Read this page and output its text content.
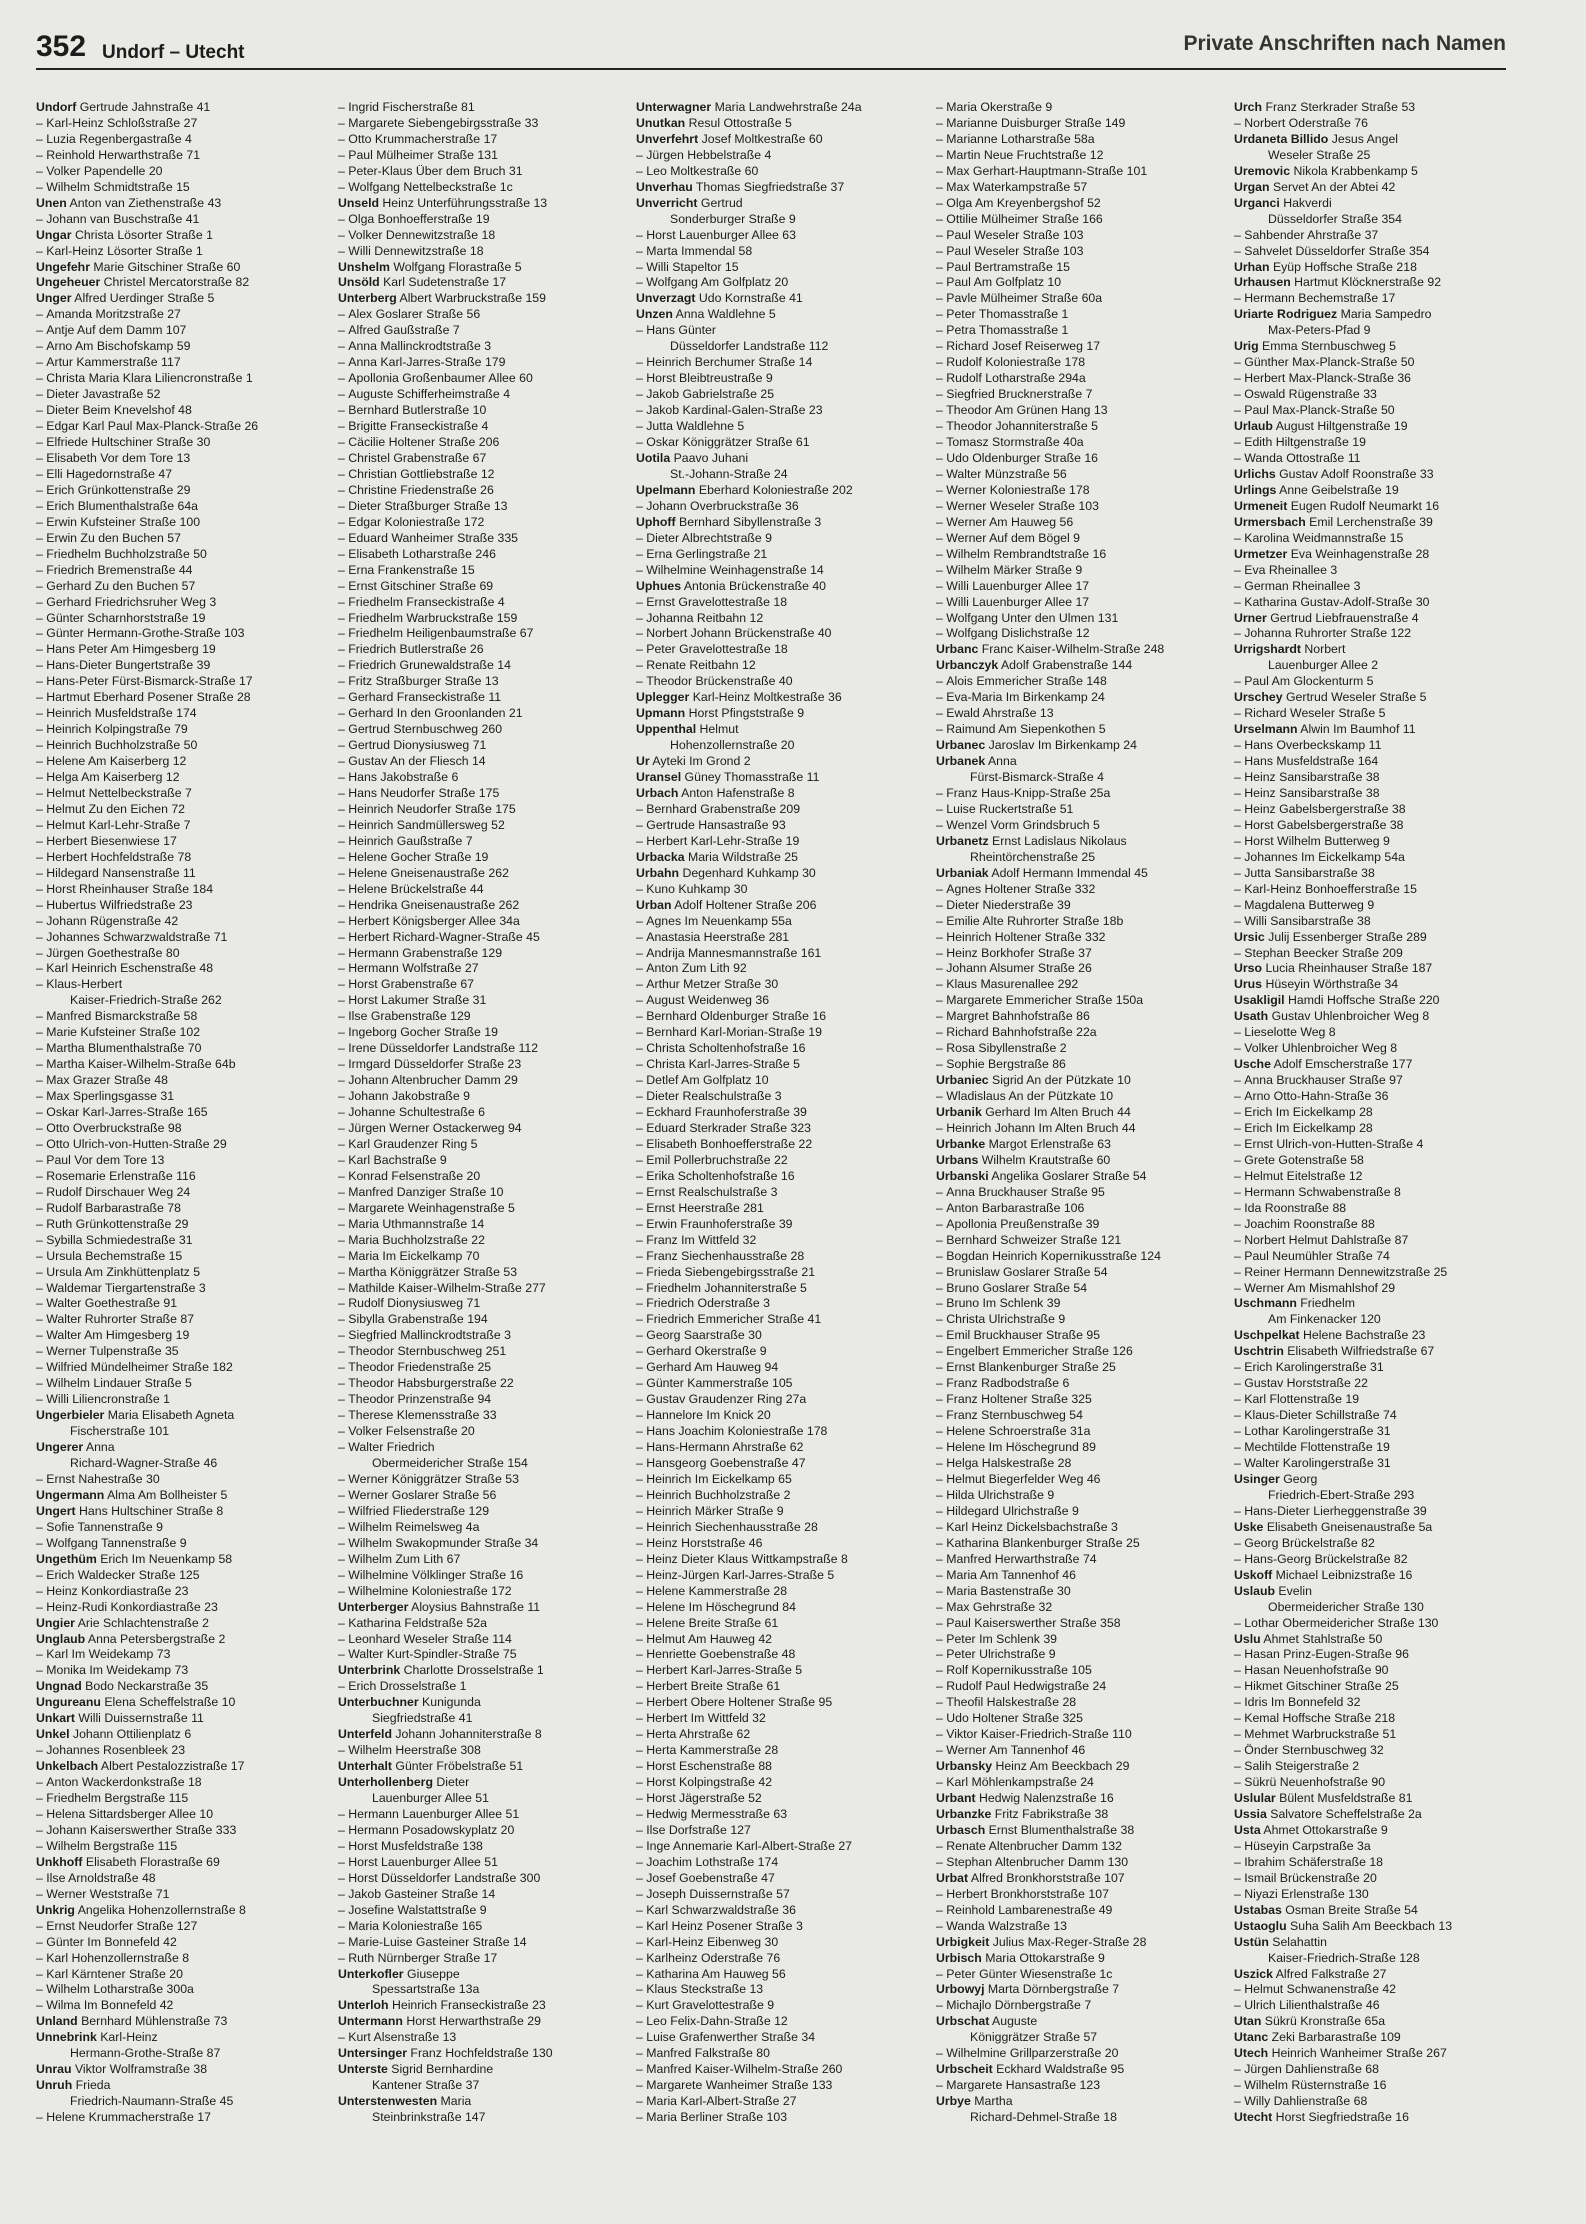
352 Undorf – Utecht	Private Anschriften nach Namen
Undorf Gertrude Jahnstraße 41
– Karl-Heinz Schloßstraße 27
– Luzia Regenbergastraße 4
– Reinhold Herwarthstraße 71
– Volker Papendelle 20
– Wilhelm Schmidtstraße 15
Unen Anton van Ziethenstraße 43
– Johann van Buschstraße 41
Ungar Christa Lösorter Straße 1
– Karl-Heinz Lösorter Straße 1
Ungefehr Marie Gitschiner Straße 60
Ungeheuer Christel Mercatorstraße 82
Unger Alfred Uerdinger Straße 5
– Amanda Moritzstraße 27
– Antje Auf dem Damm 107
– Arno Am Bischofskamp 59
– Artur Kammerstraße 117
– Christa Maria Klara Liliencronstraße 1
– Dieter Javastraße 52
– Dieter Beim Knevelshof 48
– Edgar Karl Paul Max-Planck-Straße 26
– Elfriede Hultschiner Straße 30
– Elisabeth Vor dem Tore 13
– Elli Hagedornstraße 47
– Erich Grünkottenstraße 29
– Erich Blumenthalstraße 64a
– Erwin Kufsteiner Straße 100
– Erwin Zu den Buchen 57
– Friedhelm Buchholzstraße 50
– Friedrich Bremenstraße 44
– Gerhard Zu den Buchen 57
– Gerhard Friedrichsruher Weg 3
– Günter Scharnhorststraße 19
– Günter Hermann-Grothe-Straße 103
– Hans Peter Am Himgesberg 19
– Hans-Dieter Bungertstraße 39
– Hans-Peter Fürst-Bismarck-Straße 17
– Hartmut Eberhard Posener Straße 28
– Heinrich Musfeldstraße 174
– Heinrich Kolpingstraße 79
– Heinrich Buchholzstraße 50
– Helene Am Kaiserberg 12
– Helga Am Kaiserberg 12
– Helmut Nettelbeckstraße 7
– Helmut Zu den Eichen 72
– Helmut Karl-Lehr-Straße 7
– Herbert Biesenwiese 17
– Herbert Hochfeldstraße 78
– Hildegard Nansenstraße 11
– Horst Rheinhauser Straße 184
– Hubertus Wilfriedstraße 23
– Johann Rügenstraße 42
– Johannes Schwarzwaldstraße 71
– Jürgen Goethestraße 80
– Karl Heinrich Eschenstraße 48
– Klaus-Herbert
Kaiser-Friedrich-Straße 262
– Manfred Bismarckstraße 58
– Marie Kufsteiner Straße 102
– Martha Blumenthalstraße 70
– Martha Kaiser-Wilhelm-Straße 64b
– Max Grazer Straße 48
– Max Sperlingsgasse 31
– Oskar Karl-Jarres-Straße 165
– Otto Overbruckstraße 98
– Otto Ulrich-von-Hutten-Straße 29
– Paul Vor dem Tore 13
– Rosemarie Erlenstraße 116
– Rudolf Dirschauer Weg 24
– Rudolf Barbarastraße 78
– Ruth Grünkottenstraße 29
– Sybilla Schmiedestraße 31
– Ursula Bechemstraße 15
– Ursula Am Zinkhüttenplatz 5
– Waldemar Tiergartenstraße 3
– Walter Goethestraße 91
– Walter Ruhrorter Straße 87
– Walter Am Himgesberg 19
– Werner Tulpenstraße 35
– Wilfried Mündelheimer Straße 182
– Wilhelm Lindauer Straße 5
– Willi Liliencronstraße 1
Ungerbieler Maria Elisabeth Agneta
Fischerstraße 101
Ungerer Anna
Richard-Wagner-Straße 46
– Ernst Nahestraße 30
Ungermann Alma Am Bollheister 5
Ungert Hans Hultschiner Straße 8
– Sofie Tannenstraße 9
– Wolfgang Tannenstraße 9
Ungethüm Erich Im Neuenkamp 58
– Erich Waldecker Straße 125
– Heinz Konkordiastraße 23
– Heinz-Rudi Konkordiastraße 23
Ungier Arie Schlachtenstraße 2
Unglaub Anna Petersbergstraße 2
– Karl Im Weidekamp 73
– Monika Im Weidekamp 73
Ungnad Bodo Neckarstraße 35
Ungureanu Elena Scheffelstraße 10
Unkart Willi Duissernstraße 11
Unkel Johann Ottilienplatz 6
– Johannes Rosenbleek 23
Unkelbach Albert Pestalozzistraße 17
– Anton Wackerdonkstraße 18
– Friedhelm Bergstraße 115
– Helena Sittardsberger Allee 10
– Johann Kaiserswerther Straße 333
– Wilhelm Bergstraße 115
Unkhoff Elisabeth Florastraße 69
– Ilse Arnoldstraße 48
– Werner Weststraße 71
Unkrig Angelika Hohenzollernstraße 8
– Ernst Neudorfer Straße 127
– Günter Im Bonnefeld 42
– Karl Hohenzollernstraße 8
– Karl Kärntener Straße 20
– Wilhelm Lotharstraße 300a
– Wilma Im Bonnefeld 42
Unland Bernhard Mühlenstraße 73
Unnebrink Karl-Heinz
Hermann-Grothe-Straße 87
Unrau Viktor Wolframstraße 38
Unruh Frieda
Friedrich-Naumann-Straße 45
– Helene Krummacherstraße 17
– Ingrid Fischerstraße 81
– Margarete Siebengebirgsstraße 33
– Otto Krummacherstraße 17
– Paul Mülheimer Straße 131
– Peter-Klaus Über dem Bruch 31
– Wolfgang Nettelbeckstraße 1c
Unseld Heinz Unterführungsstraße 13
– Olga Bonhoefferstraße 19
– Volker Dennewitzstraße 18
– Willi Dennewitzstraße 18
Unshelm Wolfgang Florastraße 5
Unsöld Karl Sudetenstraße 17
Unterberg Albert Warbruckstraße 159
– Alex Goslarer Straße 56
– Alfred Gaußstraße 7
– Anna Mallinckrodtstraße 3
– Anna Karl-Jarres-Straße 179
– Apollonia Großenbaumer Allee 60
– Auguste Schifferheimstraße 4
– Bernhard Butlerstraße 10
– Brigitte Franseckistraße 4
– Cäcilie Holtener Straße 206
– Christel Grabenstraße 67
– Christian Gottliebstraße 12
– Christine Friedenstraße 26
– Dieter Straßburger Straße 13
– Edgar Koloniestraße 172
– Eduard Wanheimer Straße 335
– Elisabeth Lotharstraße 246
– Erna Frankenstraße 15
– Ernst Gitschiner Straße 69
– Friedhelm Franseckistraße 4
– Friedhelm Warbruckstraße 159
– Friedhelm Heiligenbaumstraße 67
– Friedrich Butlerstraße 26
– Friedrich Grunewaldstraße 14
– Fritz Straßburger Straße 13
– Gerhard Franseckistraße 11
– Gerhard In den Groonlanden 21
– Gertrud Sternbuschweg 260
– Gertrud Dionysiusweg 71
– Gustav An der Fliesch 14
– Hans Jakobstraße 6
– Hans Neudorfer Straße 175
– Heinrich Neudorfer Straße 175
– Heinrich Sandmüllersweg 52
– Heinrich Gaußstraße 7
– Helene Gocher Straße 19
– Helene Gneisenaustraße 262
– Helene Brückelstraße 44
– Hendrika Gneisenaustraße 262
– Herbert Königsberger Allee 34a
– Herbert Richard-Wagner-Straße 45
– Hermann Grabenstraße 129
– Hermann Wolfstraße 27
– Horst Grabenstraße 67
– Horst Lakumer Straße 31
– Ilse Grabenstraße 129
– Ingeborg Gocher Straße 19
– Irene Düsseldorfer Landstraße 112
– Irmgard Düsseldorfer Straße 23
– Johann Altenbrucher Damm 29
– Johann Jakobstraße 9
– Johanne Schultestraße 6
– Jürgen Werner Ostackerweg 94
– Karl Graudenzer Ring 5
– Karl Bachstraße 9
– Konrad Felsenstraße 20
– Manfred Danziger Straße 10
– Margarete Weinhagenstraße 5
– Maria Uthmannstraße 14
– Maria Buchholzstraße 22
– Maria Im Eickelkamp 70
– Martha Königgrätzer Straße 53
– Mathilde Kaiser-Wilhelm-Straße 277
– Rudolf Dionysiusweg 71
– Sibylla Grabenstraße 194
– Siegfried Mallinckrodtstraße 3
– Theodor Sternbuschweg 251
– Theodor Friedenstraße 25
– Theodor Habsburgerstraße 22
– Theodor Prinzenstraße 94
– Therese Klemensstraße 33
– Volker Felsenstraße 20
– Walter Friedrich
Obermeidericher Straße 154
– Werner Königgrätzer Straße 53
– Werner Goslarer Straße 56
– Wilfried Fliederstraße 129
– Wilhelm Reimelsweg 4a
– Wilhelm Swakopmunder Straße 34
– Wilhelm Zum Lith 67
– Wilhelmine Völklinger Straße 16
– Wilhelmine Koloniestraße 172
Unterberger Aloysius Bahnstraße 11
– Katharina Feldstraße 52a
– Leonhard Weseler Straße 114
– Walter Kurt-Spindler-Straße 75
Unterbrink Charlotte Drosselstraße 1
– Erich Drosselstraße 1
Unterbuchner Kunigunda
Siegfriedstraße 41
Unterfeld Johann Johanniterstraße 8
– Wilhelm Heerstraße 308
Unterhalt Günter Fröbelstraße 51
Unterhollenberg Dieter
Lauenburger Allee 51
– Hermann Lauenburger Allee 51
– Hermann Posadowskyplatz 20
– Horst Musfeldstraße 138
– Horst Lauenburger Allee 51
– Horst Düsseldorfer Landstraße 300
– Jakob Gasteiner Straße 14
– Josefine Walstattstraße 9
– Maria Koloniestraße 165
– Marie-Luise Gasteiner Straße 14
– Ruth Nürnberger Straße 17
Unterkofler Giuseppe
Spessartstraße 13a
Unterloh Heinrich Franseckistraße 23
Untermann Horst Herwarthstraße 29
– Kurt Alsenstraße 13
Untersinger Franz Hochfeldstraße 130
Unterste Sigrid Bernhardine
Kantener Straße 37
Unterstenwesten Maria
Steinbrinkstraße 147
Unterwagner Maria Landwehrstraße 24a
Unutkan Resul Ottostraße 5
Unverfehrt Josef Moltkestraße 60
– Jürgen Hebbelstraße 4
– Leo Moltkestraße 60
Unverhau Thomas Siegfriedstraße 37
Unverricht Gertrud
Sonderburger Straße 9
– Horst Lauenburger Allee 63
– Marta Immendal 58
– Willi Stapeltor 15
– Wolfgang Am Golfplatz 20
Unverzagt Udo Kornstraße 41
Unzen Anna Waldlehne 5
– Hans Günter
Düsseldorfer Landstraße 112
– Heinrich Berchumer Straße 14
– Horst Bleibtreustraße 9
– Jakob Gabrielstraße 25
– Jakob Kardinal-Galen-Straße 23
– Jutta Waldlehne 5
– Oskar Königgrätzer Straße 61
Uotila Paavo Juhani
St.-Johann-Straße 24
Upelmann Eberhard Koloniestraße 202
– Johann Overbruckstraße 36
Uphoff Bernhard Sibyllenstraße 3
– Dieter Albrechtstraße 9
– Erna Gerlingstraße 21
– Wilhelmine Weinhagenstraße 14
Uphues Antonia Brückenstraße 40
– Ernst Gravelottestraße 18
– Johanna Reitbahn 12
– Norbert Johann Brückenstraße 40
– Peter Gravelottestraße 18
– Renate Reitbahn 12
– Theodor Brückenstraße 40
Uplegger Karl-Heinz Moltkestraße 36
Upmann Horst Pfingststraße 9
Uppenthal Helmut
Hohenzollernstraße 20
Ur Ayteki Im Grond 2
Uransel Güney Thomasstraße 11
Urbach Anton Hafenstraße 8
– Bernhard Grabenstraße 209
– Gertrude Hansastraße 93
– Herbert Karl-Lehr-Straße 19
Urbacka Maria Wildstraße 25
Urbahn Degenhard Kuhkamp 30
– Kuno Kuhkamp 30
Urban Adolf Holtener Straße 206
– Agnes Im Neuenkamp 55a
– Anastasia Heerstraße 281
– Andrija Mannesmannstraße 161
– Anton Zum Lith 92
– Arthur Metzer Straße 30
– August Weidenweg 36
– Bernhard Oldenburger Straße 16
– Bernhard Karl-Morian-Straße 19
– Christa Scholtenhofstraße 16
– Christa Karl-Jarres-Straße 5
– Detlef Am Golfplatz 10
– Dieter Realschulstraße 3
– Eckhard Fraunhoferstraße 39
– Eduard Sterkrader Straße 323
– Elisabeth Bonhoefferstraße 22
– Emil Pollerbruchstraße 22
– Erika Scholtenhofstraße 16
– Ernst Realschulstraße 3
– Ernst Heerstraße 281
– Erwin Fraunhoferstraße 39
– Franz Im Wittfeld 32
– Franz Siechenhausstraße 28
– Frieda Siebengebirgsstraße 21
– Friedhelm Johanniterstraße 5
– Friedrich Oderstraße 3
– Friedrich Emmericher Straße 41
– Georg Saarstraße 30
– Gerhard Okerstraße 9
– Gerhard Am Hauweg 94
– Günter Kammerstraße 105
– Gustav Graudenzer Ring 27a
– Hannelore Im Knick 20
– Hans Joachim Koloniestraße 178
– Hans-Hermann Ahrstraße 62
– Hansgeorg Goebenstraße 47
– Heinrich Im Eickelkamp 65
– Heinrich Buchholzstraße 2
– Heinrich Märker Straße 9
– Heinrich Siechenhausstraße 28
– Heinz Horststraße 46
– Heinz Dieter Klaus Wittkampstraße 8
– Heinz-Jürgen Karl-Jarres-Straße 5
– Helene Kammerstraße 28
– Helene Im Höschegrund 84
– Helene Breite Straße 61
– Helmut Am Hauweg 42
– Henriette Goebenstraße 48
– Herbert Karl-Jarres-Straße 5
– Herbert Breite Straße 61
– Herbert Obere Holtener Straße 95
– Herbert Im Wittfeld 32
– Herta Ahrstraße 62
– Herta Kammerstraße 28
– Horst Eschenstraße 88
– Horst Kolpingstraße 42
– Horst Jägerstraße 52
– Hedwig Mermesstraße 63
– Ilse Dorfstraße 127
– Inge Annemarie Karl-Albert-Straße 27
– Joachim Lothstraße 174
– Josef Goebenstraße 47
– Joseph Duissernstraße 57
– Karl Schwarzwaldstraße 36
– Karl Heinz Posener Straße 3
– Karl-Heinz Eibenweg 30
– Karlheinz Oderstraße 76
– Katharina Am Hauweg 56
– Klaus Steckstraße 13
– Kurt Gravelottestraße 9
– Leo Felix-Dahn-Straße 12
– Luise Grafenwerther Straße 34
– Manfred Falkstraße 80
– Manfred Kaiser-Wilhelm-Straße 260
– Margarete Wanheimer Straße 133
– Maria Karl-Albert-Straße 27
– Maria Berliner Straße 103
– Maria Okerstraße 9
– Marianne Duisburger Straße 149
– Marianne Lotharstraße 58a
– Martin Neue Fruchtstraße 12
– Max Gerhart-Hauptmann-Straße 101
– Max Waterkampstraße 57
– Olga Am Kreyenbergshof 52
– Ottilie Mülheimer Straße 166
– Paul Weseler Straße 103
– Paul Weseler Straße 103
– Paul Bertramstraße 15
– Paul Am Golfplatz 10
– Pavle Mülheimer Straße 60a
– Peter Thomasstraße 1
– Petra Thomasstraße 1
– Richard Josef Reiserweg 17
– Rudolf Koloniestraße 178
– Rudolf Lotharstraße 294a
– Siegfried Brucknerstraße 7
– Theodor Am Grünen Hang 13
– Theodor Johanniterstraße 5
– Tomasz Stormstraße 40a
– Udo Oldenburger Straße 16
– Walter Münzstraße 56
– Werner Koloniestraße 178
– Werner Weseler Straße 103
– Werner Am Hauweg 56
– Werner Auf dem Bögel 9
– Wilhelm Rembrandtstraße 16
– Wilhelm Märker Straße 9
– Willi Lauenburger Allee 17
– Willi Lauenburger Allee 17
– Wolfgang Unter den Ulmen 131
– Wolfgang Dislichstraße 12
Urbanc Franc Kaiser-Wilhelm-Straße 248
Urbanczyk Adolf Grabenstraße 144
– Alois Emmericher Straße 148
– Eva-Maria Im Birkenkamp 24
– Ewald Ahrstraße 13
– Raimund Am Siepenkothen 5
Urbanec Jaroslav Im Birkenkamp 24
Urbanek Anna
Fürst-Bismarck-Straße 4
– Franz Haus-Knipp-Straße 25a
– Luise Ruckertstraße 51
– Wenzel Vorm Grindsbruch 5
Urbanetz Ernst Ladislaus Nikolaus
Rheintörchenstraße 25
Urbaniak Adolf Hermann Immendal 45
– Agnes Holtener Straße 332
– Dieter Niederstraße 39
– Emilie Alte Ruhrorter Straße 18b
– Heinrich Holtener Straße 332
– Heinz Borkhofer Straße 37
– Johann Alsumer Straße 26
– Klaus Masurenallee 292
– Margarete Emmericher Straße 150a
– Margret Bahnhofstraße 86
– Richard Bahnhofstraße 22a
– Rosa Sibyllenstraße 2
– Sophie Bergstraße 86
Urbaniec Sigrid An der Pützkate 10
– Wladislaus An der Pützkate 10
Urbanik Gerhard Im Alten Bruch 44
– Heinrich Johann Im Alten Bruch 44
Urbanke Margot Erlenstraße 63
Urbans Wilhelm Krautstraße 60
Urbanski Angelika Goslarer Straße 54
– Anna Bruckhauser Straße 95
– Anton Barbarastraße 106
– Apollonia Preußenstraße 39
– Bernhard Schweizer Straße 121
– Bogdan Heinrich Kopernikusstraße 124
– Brunislaw Goslarer Straße 54
– Bruno Goslarer Straße 54
– Bruno Im Schlenk 39
– Christa Ulrichstraße 9
– Emil Bruckhauser Straße 95
– Engelbert Emmericher Straße 126
– Ernst Blankenburger Straße 25
– Franz Radbodstraße 6
– Franz Holtener Straße 325
– Franz Sternbuschweg 54
– Helene Schroerstraße 31a
– Helene Im Höschegrund 89
– Helga Halskestraße 28
– Helmut Biegerfelder Weg 46
– Hilda Ulrichstraße 9
– Hildegard Ulrichstraße 9
– Karl Heinz Dickelsbachstraße 3
– Katharina Blankenburger Straße 25
– Manfred Herwarthstraße 74
– Maria Am Tannenhof 46
– Maria Bastenstraße 30
– Max Gehrstraße 32
– Paul Kaiserswerther Straße 358
– Peter Im Schlenk 39
– Peter Ulrichstraße 9
– Rolf Kopernikusstraße 105
– Rudolf Paul Hedwigstraße 24
– Theofil Halskestraße 28
– Udo Holtener Straße 325
– Viktor Kaiser-Friedrich-Straße 110
– Werner Am Tannenhof 46
Urbansky Heinz Am Beeckbach 29
– Karl Möhlenkampstraße 24
Urbant Hedwig Nalenzstraße 16
Urbanzke Fritz Fabrikstraße 38
Urbasch Ernst Blumenthalstraße 38
– Renate Altenbrucher Damm 132
– Stephan Altenbrucher Damm 130
Urbat Alfred Bronkhorststraße 107
– Herbert Bronkhorststraße 107
– Reinhold Lambarenestraße 49
– Wanda Walzstraße 13
Urbigkeit Julius Max-Reger-Straße 28
Urbisch Maria Ottokarstraße 9
– Peter Günter Wiesenstraße 1c
Urbowyj Marta Dörnbergstraße 7
– Michajlo Dörnbergstraße 7
Urbschat Auguste
Königgrätzer Straße 57
– Wilhelmine Grillparzerstraße 20
Urbscheit Eckhard Waldstraße 95
– Margarete Hansastraße 123
Urbye Martha
Richard-Dehmel-Straße 18
Urch Franz Sterkrader Straße 53
– Norbert Oderstraße 76
Urdaneta Billido Jesus Angel
Weseler Straße 25
Uremovic Nikola Krabbenkamp 5
Urgan Servet An der Abtei 42
Urganci Hakverdi
Düsseldorfer Straße 354
– Sahbender Ahrstraße 37
– Sahvelet Düsseldorfer Straße 354
Urhan Eyüp Hoffsche Straße 218
Urhausen Hartmut Klöcknerstraße 92
– Hermann Bechemstraße 17
Uriarte Rodriguez Maria Sampedro
Max-Peters-Pfad 9
Urig Emma Sternbuschweg 5
– Günther Max-Planck-Straße 50
– Herbert Max-Planck-Straße 36
– Oswald Rügenstraße 33
– Paul Max-Planck-Straße 50
Urlaub August Hiltgenstraße 19
– Edith Hiltgenstraße 19
– Wanda Ottostraße 11
Urlichs Gustav Adolf Roonstraße 33
Urlings Anne Geibelstraße 19
Urmeneit Eugen Rudolf Neumarkt 16
Urmersbach Emil Lerchenstraße 39
– Karolina Weidmannstraße 15
Urmetzer Eva Weinhagenstraße 28
– Eva Rheinallee 3
– German Rheinallee 3
– Katharina Gustav-Adolf-Straße 30
Urner Gertrud Liebfrauenstraße 4
– Johanna Ruhrorter Straße 122
Urrigshardt Norbert
Lauenburger Allee 2
– Paul Am Glockenturm 5
Urschey Gertrud Weseler Straße 5
– Richard Weseler Straße 5
Urselmann Alwin Im Baumhof 11
– Hans Overbeckskamp 11
– Hans Musfeldstraße 164
– Heinz Sansibarstraße 38
– Heinz Sansibarstraße 38
– Heinz Gabelsbergerstraße 38
– Horst Gabelsbergerstraße 38
– Horst Wilhelm Butterweg 9
– Johannes Im Eickelkamp 54a
– Jutta Sansibarstraße 38
– Karl-Heinz Bonhoefferstraße 15
– Magdalena Butterweg 9
– Willi Sansibarstraße 38
Ursic Julij Essenberger Straße 289
– Stephan Beecker Straße 209
Urso Lucia Rheinhauser Straße 187
Urus Hüseyin Wörthstraße 34
Usakligil Hamdi Hoffsche Straße 220
Usath Gustav Uhlenbroicher Weg 8
– Lieselotte Weg 8
– Volker Uhlenbroicher Weg 8
Usche Adolf Emscherstraße 177
– Anna Bruckhauser Straße 97
– Arno Otto-Hahn-Straße 36
– Erich Im Eickelkamp 28
– Erich Im Eickelkamp 28
– Ernst Ulrich-von-Hutten-Straße 4
– Grete Gotenstraße 58
– Helmut Eitelstraße 12
– Hermann Schwabenstraße 8
– Ida Roonstraße 88
– Joachim Roonstraße 88
– Norbert Helmut Dahlstraße 87
– Paul Neumühler Straße 74
– Reiner Hermann Dennewitzstraße 25
– Werner Am Mismahlshof 29
Uschmann Friedhelm
Am Finkenacker 120
Uschpelkat Helene Bachstraße 23
Uschtrin Elisabeth Wilfriedstraße 67
– Erich Karolingerstraße 31
– Gustav Horststraße 22
– Karl Flottenstraße 19
– Klaus-Dieter Schillstraße 74
– Lothar Karolingerstraße 31
– Mechtilde Flottenstraße 19
– Walter Karolingerstraße 31
Usinger Georg
Friedrich-Ebert-Straße 293
– Hans-Dieter Lierheggenstraße 39
Uske Elisabeth Gneisenaustraße 5a
– Georg Brückelstraße 82
– Hans-Georg Brückelstraße 82
Uskoff Michael Leibnizstraße 16
Uslaub Evelin
Obermeidericher Straße 130
– Lothar Obermeidericher Straße 130
Uslu Ahmet Stahlstraße 50
– Hasan Prinz-Eugen-Straße 96
– Hasan Neuenhofstraße 90
– Hikmet Gitschiner Straße 25
– Idris Im Bonnefeld 32
– Kemal Hoffsche Straße 218
– Mehmet Warbruckstraße 51
– Önder Sternbuschweg 32
– Salih Steigerstraße 2
– Sükrü Neuenhofstraße 90
Uslular Bülent Musfeldstraße 81
Ussia Salvatore Scheffelstraße 2a
Usta Ahmet Ottokarstraße 9
– Hüseyin Carpstraße 3a
– Ibrahim Schäferstraße 18
– Ismail Brückenstraße 20
– Niyazi Erlenstraße 130
Ustabas Osman Breite Straße 54
Ustaoglu Suha Salih Am Beeckbach 13
Ustün Selahattin
Kaiser-Friedrich-Straße 128
Uszick Alfred Falkstraße 27
– Helmut Schwanenstraße 42
– Ulrich Lilienthalstraße 46
Utan Sükrü Kronstraße 65a
Utanc Zeki Barbarastraße 109
Utech Heinrich Wanheimer Straße 267
– Jürgen Dahlienstraße 68
– Wilhelm Rüsternstraße 16
– Willy Dahlienstraße 68
Utecht Horst Siegfriedstraße 16
